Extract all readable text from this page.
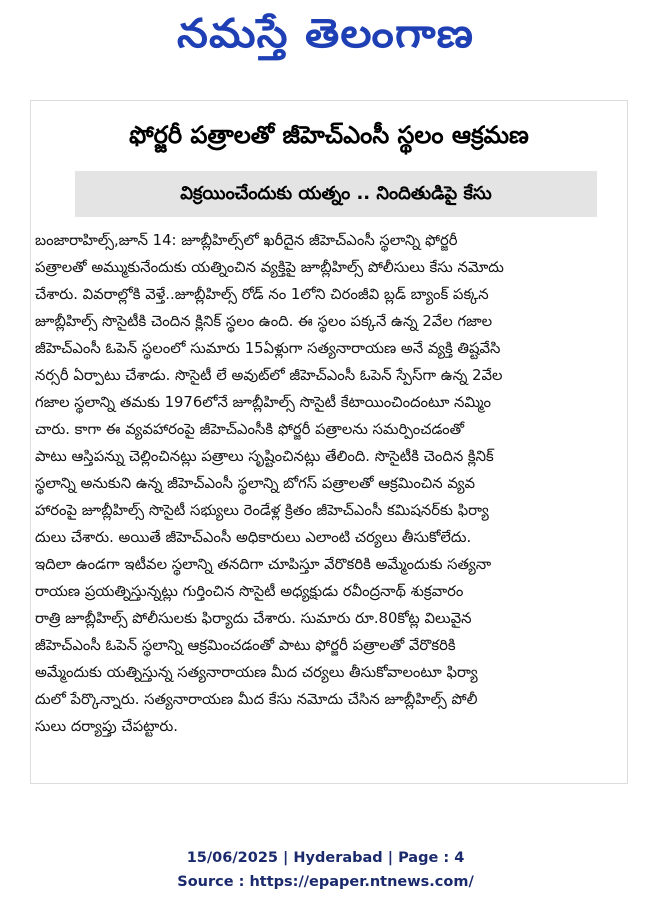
నమస్తే తెలంగాణ
ఫోర్జరీ పత్రాలతో జీహెచ్‌ఎంసీ స్థలం ఆక్రమణ
విక్రయించేందుకు యత్నం .. నిందితుడిపై కేసు
బంజారాహిల్స్‌,జూన్‌ 14: జూబ్లీహిల్స్‌లో ఖరీదైన జీహెచ్‌ఎంసీ స్థలాన్ని ఫోర్జరీ
పత్రాలతో అమ్ముకునేందుకు యత్నించిన వ్యక్తిపై జూబ్లీహిల్స్‌ పోలీసులు కేసు నమోదు
చేశారు. వివరాల్లోకి వెళ్తే..జూబ్లీహిల్స్‌ రోడ్‌ నం 1లోని చిరంజీవి బ్లడ్‌ బ్యాంక్‌ పక్కన
జూబ్లీహిల్స్‌ సొసైటీకి చెందిన క్లినిక్‌ స్థలం ఉంది. ఈ స్థలం పక్కనే ఉన్న 2వేల గజాల
జీహెచ్‌ఎంసీ ఓపెన్‌ స్థలంలో సుమారు 15ఏళ్లుగా సత్యనారాయణ అనే వ్యక్తి తిష్టవేసి
నర్సరీ ఏర్పాటు చేశాడు. సొసైటీ లే అవుట్‌లో జీహెచ్‌ఎంసీ ఓపెన్‌ స్పేస్‌గా ఉన్న 2వేల
గజాల స్థలాన్ని తమకు 1976లోనే జూబ్లీహిల్స్‌ సొసైటీ కేటాయించిందంటూ నమ్మిం
చారు. కాగా ఈ వ్యవహారంపై జీహెచ్‌ఎంసీకి ఫోర్జరీ పత్రాలను సమర్పించడంతో
పాటు ఆస్తిపన్ను చెల్లించినట్లు పత్రాలు సృష్టించినట్లు తేలింది. సొసైటీకి చెందిన క్లినిక్‌
స్థలాన్ని అనుకుని ఉన్న జీహెచ్‌ఎంసీ స్థలాన్ని బోగస్‌ పత్రాలతో ఆక్రమించిన వ్యవ
హారంపై జూబ్లీహిల్స్‌ సొసైటీ సభ్యులు రెండేళ్ల క్రితం జీహెచ్‌ఎంసీ కమిషనర్‌కు ఫిర్యా
దులు చేశారు. అయితే జీహెచ్‌ఎంసీ అధికారులు ఎలాంటి చర్యలు తీసుకోలేదు.
ఇదిలా ఉండగా ఇటీవల స్థలాన్ని తనదిగా చూపిస్తూ వేరొకరికి అమ్మేందుకు సత్యనా
రాయణ ప్రయత్నిస్తున్నట్లు గుర్తించిన సొసైటీ అధ్యక్షుడు రవీంద్రనాథ్‌ శుక్రవారం
రాత్రి జూబ్లీహిల్స్‌ పోలీసులకు ఫిర్యాదు చేశారు. సుమారు రూ.80కోట్ల విలువైన
జీహెచ్‌ఎంసీ ఓపెన్‌ స్థలాన్ని ఆక్రమించడంతో పాటు ఫోర్జరీ పత్రాలతో వేరొకరికి
అమ్మేందుకు యత్నిస్తున్న సత్యనారాయణ మీద చర్యలు తీసుకోవాలంటూ ఫిర్యా
దులో పేర్కొన్నారు. సత్యనారాయణ మీద కేసు నమోదు చేసిన జూబ్లీహిల్స్‌ పోలీ
సులు దర్యాప్తు చేపట్టారు.
15/06/2025 | Hyderabad | Page : 4
Source : https://epaper.ntnews.com/
